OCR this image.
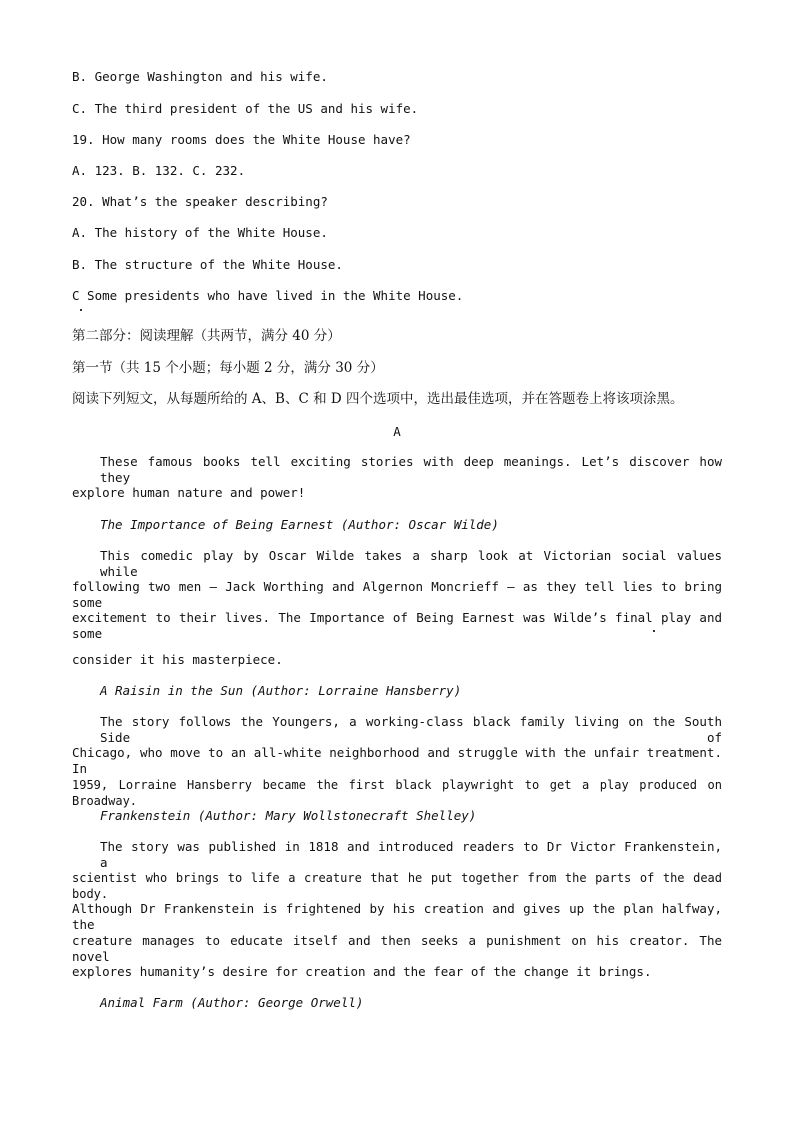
B. George Washington and his wife.
C. The third president of the US and his wife.
19. How many rooms does the White House have?
A. 123. B. 132. C. 232.
20. What’s the speaker describing?
A. The history of the White House.
B. The structure of the White House.
C Some presidents who have lived in the White House.
第二部分：阅读理解（共两节，满分 40 分）
第一节（共 15 个小题；每小题 2 分，满分 30 分）
阅读下列短文，从每题所给的 A、B、C 和 D 四个选项中，选出最佳选项，并在答题卷上将该项涂黑。
A
These famous books tell exciting stories with deep meanings. Let’s discover how they
explore human nature and power!
The Importance of Being Earnest (Author: Oscar Wilde)
This comedic play by Oscar Wilde takes a sharp look at Victorian social values while
following two men — Jack Worthing and Algernon Moncrieff — as they tell lies to bring some
excitement to their lives. The Importance of Being Earnest was Wilde’s final play and some
consider it his masterpiece.
A Raisin in the Sun (Author: Lorraine Hansberry)
The story follows the Youngers, a working-class black family living on the South Side of
Chicago, who move to an all-white neighborhood and struggle with the unfair treatment. In
1959, Lorraine Hansberry became the first black playwright to get a play produced on Broadway.
Frankenstein (Author: Mary Wollstonecraft Shelley)
The story was published in 1818 and introduced readers to Dr Victor Frankenstein, a
scientist who brings to life a creature that he put together from the parts of the dead body.
Although Dr Frankenstein is frightened by his creation and gives up the plan halfway, the
creature manages to educate itself and then seeks a punishment on his creator. The novel
explores humanity’s desire for creation and the fear of the change it brings.
Animal Farm (Author: George Orwell)
